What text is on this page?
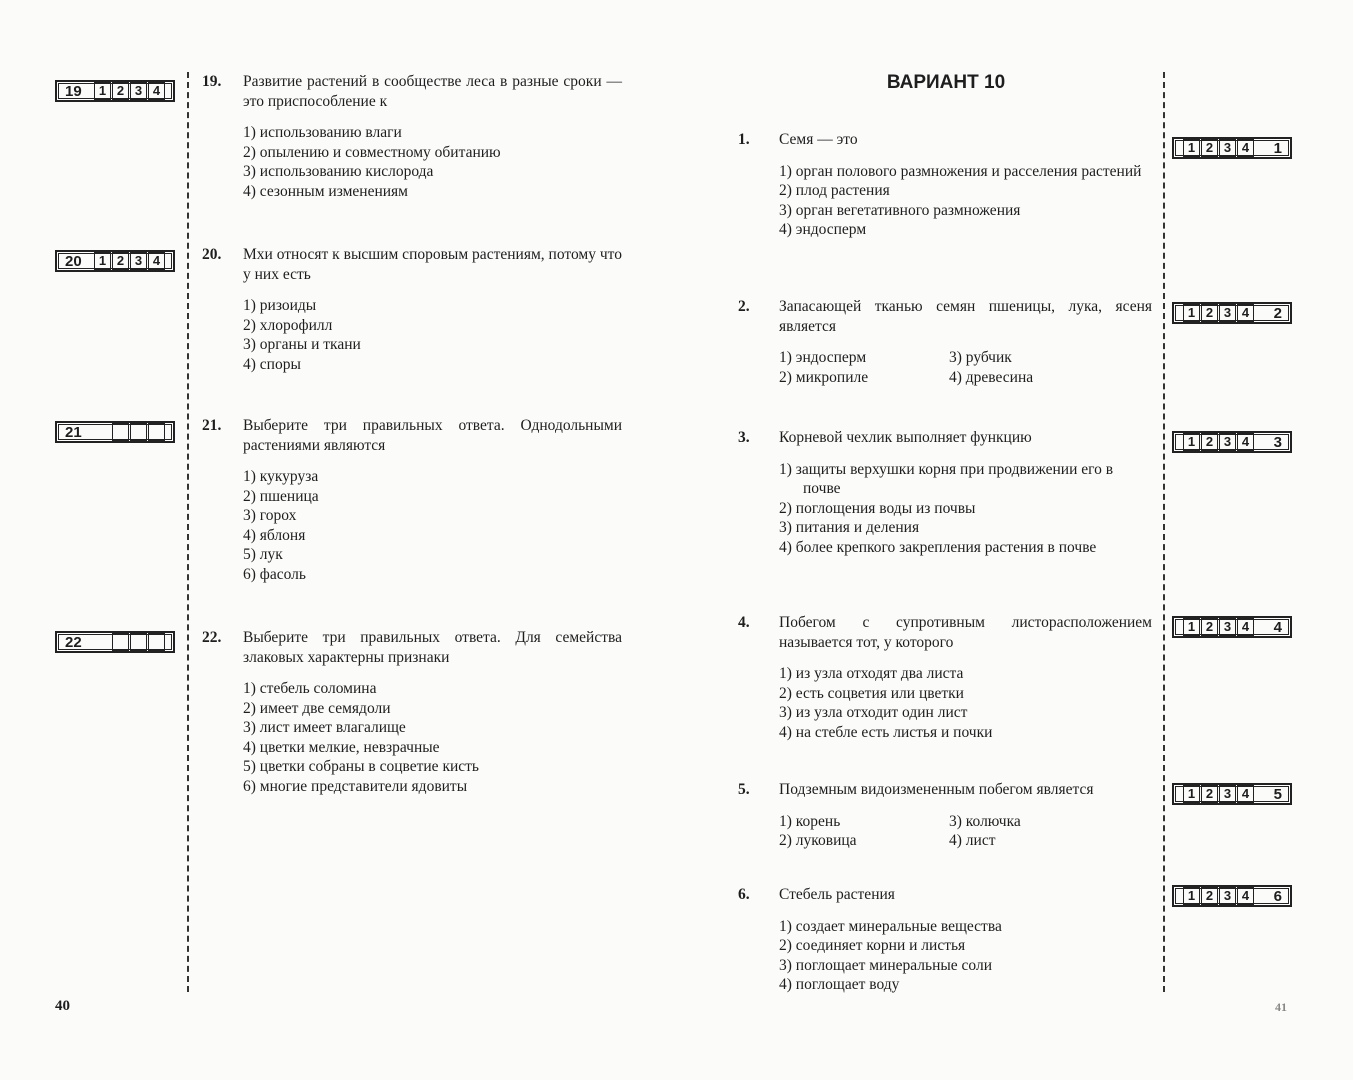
ВАРИАНТ 10
40	41
19. Развитие растений в сообществе леса в разные сроки — это приспособление к
1) использованию влаги
2) опылению и совместному обитанию
3) использованию кислорода
4) сезонным изменениям
19	1 2 3 4
20. Мхи относят к высшим споровым растениям, потому что у них есть
1) ризоиды
2) хлорофилл
3) органы и ткани
4) споры
20	1 2 3 4
21. Выберите три правильных ответа. Однодольными растениями являются
1) кукуруза
2) пшеница
3) горох
4) яблоня
5) лук
6) фасоль
21
22. Выберите три правильных ответа. Для семейства злаковых характерны признаки
1) стебель соломина
2) имеет две семядоли
3) лист имеет влагалище
4) цветки мелкие, невзрачные
5) цветки собраны в соцветие кисть
6) многие представители ядовиты
22
1. Семя — это
1) орган полового размножения и расселения растений
2) плод растения
3) орган вегетативного размножения
4) эндосперм
1 2 3 4	1
2. Запасающей тканью семян пшеницы, лука, ясеня является
1) эндосперм	3) рубчик
2) микропиле	4) древесина
1 2 3 4	2
3. Корневой чехлик выполняет функцию
1) защиты верхушки корня при продвижении его в почве
2) поглощения воды из почвы
3) питания и деления
4) более крепкого закрепления растения в почве
1 2 3 4	3
4. Побегом с супротивным листорасположением называется тот, у которого
1) из узла отходят два листа
2) есть соцветия или цветки
3) из узла отходит один лист
4) на стебле есть листья и почки
1 2 3 4	4
5. Подземным видоизмененным побегом является
1) корень	3) колючка
2) луковица	4) лист
1 2 3 4	5
6. Стебель растения
1) создает минеральные вещества
2) соединяет корни и листья
3) поглощает минеральные соли
4) поглощает воду
1 2 3 4	6
